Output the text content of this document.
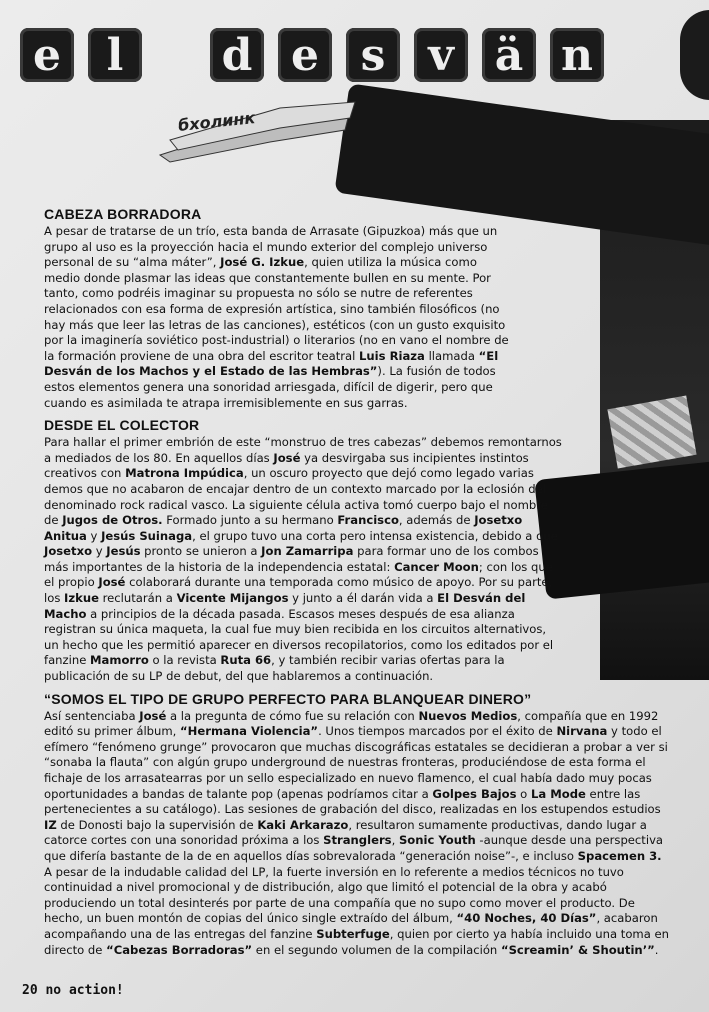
бхолинк
e	l	d e s v ä n
CABEZA BORRADORA

A pesar de tratarse de un trío, esta banda de Arrasate (Gipuzkoa) más que un grupo al uso es la proyección hacia el mundo exterior del complejo universo personal de su “alma máter”, José G. Izkue, quien utiliza la música como medio donde plasmar las ideas que constantemente bullen en su mente. Por tanto, como podréis imaginar su propuesta no sólo se nutre de referentes relacionados con esa forma de expresión artística, sino también filosóficos (no hay más que leer las letras de las canciones), estéticos (con un gusto exquisito por la imaginería soviético post-industrial) o literarios (no en vano el nombre de la formación proviene de una obra del escritor teatral Luis Riaza llamada “El Desván de los Machos y el Estado de las Hembras”). La fusión de todos estos elementos genera una sonoridad arriesgada, difícil de digerir, pero que cuando es asimilada te atrapa irremisiblemente en sus garras.

DESDE EL COLECTOR

Para hallar el primer embrión de este “monstruo de tres cabezas” debemos remontarnos a mediados de los 80. En aquellos días José ya desvirgaba sus incipientes instintos creativos con Matrona Impúdica, un oscuro proyecto que dejó como legado varias demos que no acabaron de encajar dentro de un contexto marcado por la eclosión del denominado rock radical vasco. La siguiente célula activa tomó cuerpo bajo el nombre de Jugos de Otros. Formado junto a su hermano Francisco, además de Josetxo Anitua y Jesús Suinaga, el grupo tuvo una corta pero intensa existencia, debido a que Josetxo y Jesús pronto se unieron a Jon Zamarripa para formar uno de los combos más importantes de la historia de la independencia estatal: Cancer Moon; con los que el propio José colaborará durante una temporada como músico de apoyo. Por su parte, los Izkue reclutarán a Vicente Mijangos y junto a él darán vida a El Desván del Macho a principios de la década pasada. Escasos meses después de esa alianza registran su única maqueta, la cual fue muy bien recibida en los circuitos alternativos, un hecho que les permitió aparecer en diversos recopilatorios, como los editados por el fanzine Mamorro o la revista Ruta 66, y también recibir varias ofertas para la publicación de su LP de debut, del que hablaremos a continuación.

“SOMOS EL TIPO DE GRUPO PERFECTO PARA BLANQUEAR DINERO”

Así sentenciaba José a la pregunta de cómo fue su relación con Nuevos Medios, compañía que en 1992 editó su primer álbum, “Hermana Violencia”. Unos tiempos marcados por el éxito de Nirvana y todo el efímero “fenómeno grunge” provocaron que muchas discográficas estatales se decidieran a probar a ver si “sonaba la flauta” con algún grupo underground de nuestras fronteras, produciéndose de esta forma el fichaje de los arrasatearras por un sello especializado en nuevo flamenco, el cual había dado muy pocas oportunidades a bandas de talante pop (apenas podríamos citar a Golpes Bajos o La Mode entre las pertenecientes a su catálogo). Las sesiones de grabación del disco, realizadas en los estupendos estudios IZ de Donosti bajo la supervisión de Kaki Arkarazo, resultaron sumamente productivas, dando lugar a catorce cortes con una sonoridad próxima a los Stranglers, Sonic Youth -aunque desde una perspectiva que difería bastante de la de en aquellos días sobrevalorada “generación noise”-, e incluso Spacemen 3. A pesar de la indudable calidad del LP, la fuerte inversión en lo referente a medios técnicos no tuvo continuidad a nivel promocional y de distribución, algo que limitó el potencial de la obra y acabó produciendo un total desinterés por parte de una compañía que no supo como mover el producto. De hecho, un buen montón de copias del único single extraído del álbum, “40 Noches, 40 Días”, acabaron acompañando una de las entregas del fanzine Subterfuge, quien por cierto ya había incluido una toma en directo de “Cabezas Borradoras” en el segundo volumen de la compilación “Screamin’ & Shoutin’”.

20 no action!
